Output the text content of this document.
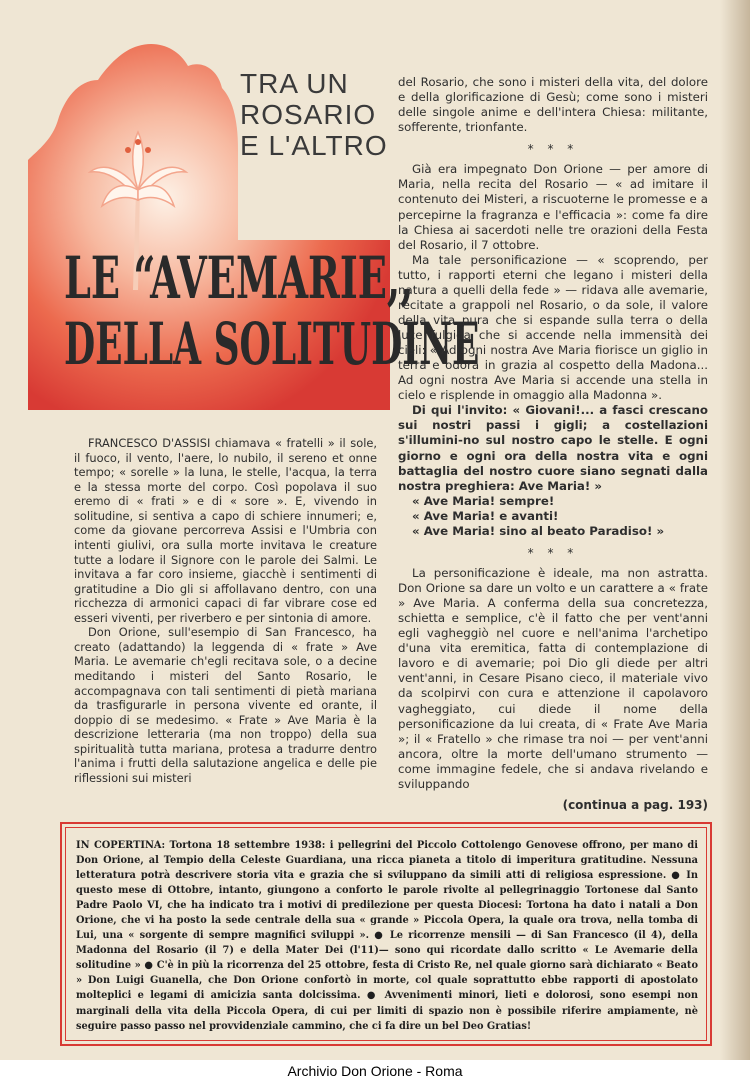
TRA UN
ROSARIO
E L'ALTRO
LE “AVEMARIE,,
DELLA SOLITUDINE

FRANCESCO D'ASSISI chiamava « fratelli » il sole, il fuoco, il vento, l'aere, lo nubilo, il sereno et onne tempo; « sorelle » la luna, le stelle, l'acqua, la terra e la stessa morte del corpo. Così popolava il suo eremo di « frati » e di « sore ». E, vivendo in solitudine, si sentiva a capo di schiere innumeri; e, come da giovane percorreva Assisi e l'Umbria con intenti giulivi, ora sulla morte invitava le creature tutte a lodare il Signore con le parole dei Salmi. Le invitava a far coro insieme, giacchè i sentimenti di gratitudine a Dio gli si affollavano dentro, con una ricchezza di armonici capaci di far vibrare cose ed esseri viventi, per riverbero e per sintonia di amore.

Don Orione, sull'esempio di San Francesco, ha creato (adattando) la leggenda di « frate » Ave Maria. Le avemarie ch'egli recitava sole, o a decine meditando i misteri del Santo Rosario, le accompagnava con tali sentimenti di pietà mariana da trasfigurarle in persona vivente ed orante, il doppio di se medesimo. « Frate » Ave Maria è la descrizione letteraria (ma non troppo) della sua spiritualità tutta mariana, protesa a tradurre dentro l'anima i frutti della salutazione angelica e delle pie riflessioni sui misteri

del Rosario, che sono i misteri della vita, del dolore e della glorificazione di Gesù; come sono i misteri delle singole anime e dell'intera Chiesa: militante, sofferente, trionfante.

* * *

Già era impegnato Don Orione — per amore di Maria, nella recita del Rosario — « ad imitare il contenuto dei Misteri, a riscuoterne le promesse e a percepirne la fragranza e l'efficacia »: come fa dire la Chiesa ai sacerdoti nelle tre orazioni della Festa del Rosario, il 7 ottobre.

Ma tale personificazione — « scoprendo, per tutto, i rapporti eterni che legano i misteri della natura a quelli della fede » — ridava alle avemarie, recitate a grappoli nel Rosario, o da sole, il valore della vita pura che si espande sulla terra o della luce fulgida che si accende nella immensità dei cieli: « Ad ogni nostra Ave Maria fiorisce un giglio in terra e odora in grazia al cospetto della Madona... Ad ogni nostra Ave Maria si accende una stella in cielo e risplende in omaggio alla Madonna ».

Di qui l'invito: « Giovani!... a fasci crescano sui nostri passi i gigli; a costellazioni s'illumini-no sul nostro capo le stelle. E ogni giorno e ogni ora della nostra vita e ogni battaglia del nostro cuore siano segnati dalla nostra preghiera: Ave Maria! »

« Ave Maria! sempre!

« Ave Maria! e avanti!

« Ave Maria! sino al beato Paradiso! »

* * *

La personificazione è ideale, ma non astratta. Don Orione sa dare un volto e un carattere a « frate » Ave Maria. A conferma della sua concretezza, schietta e semplice, c'è il fatto che per vent'anni egli vagheggiò nel cuore e nell'anima l'archetipo d'una vita eremitica, fatta di contemplazione di lavoro e di avemarie; poi Dio gli diede per altri vent'anni, in Cesare Pisano cieco, il materiale vivo da scolpirvi con cura e attenzione il capolavoro vagheggiato, cui diede il nome della personificazione da lui creata, di « Frate Ave Maria »; il « Fratello » che rimase tra noi — per vent'anni ancora, oltre la morte dell'umano strumento — come immagine fedele, che si andava rivelando e sviluppando

(continua a pag. 193)
IN COPERTINA: Tortona 18 settembre 1938: i pellegrini del Piccolo Cottolengo Genovese offrono, per mano di Don Orione, al Tempio della Celeste Guardiana, una ricca pianeta a titolo di imperitura gratitudine. Nessuna letteratura potrà descrivere storia vita e grazia che si sviluppano da simili atti di religiosa espressione. ● In questo mese di Ottobre, intanto, giungono a conforto le parole rivolte al pellegrinaggio Tortonese dal Santo Padre Paolo VI, che ha indicato tra i motivi di predilezione per questa Diocesi: Tortona ha dato i natali a Don Orione, che vi ha posto la sede centrale della sua « grande » Piccola Opera, la quale ora trova, nella tomba di Lui, una « sorgente di sempre magnifici sviluppi ». ● Le ricorrenze mensili — di San Francesco (il 4), della Madonna del Rosario (il 7) e della Mater Dei (l'11)— sono qui ricordate dallo scritto « Le Avemarie della solitudine » ● C'è in più la ricorrenza del 25 ottobre, festa di Cristo Re, nel quale giorno sarà dichiarato « Beato » Don Luigi Guanella, che Don Orione confortò in morte, col quale soprattutto ebbe rapporti di apostolato molteplici e legami di amicizia santa dolcissima. ● Avvenimenti minori, lieti e dolorosi, sono esempi non marginali della vita della Piccola Opera, di cui per limiti di spazio non è possibile riferire ampiamente, nè seguire passo passo nel provvidenziale cammino, che ci fa dire un bel Deo Gratias!
Archivio Don Orione - Roma
